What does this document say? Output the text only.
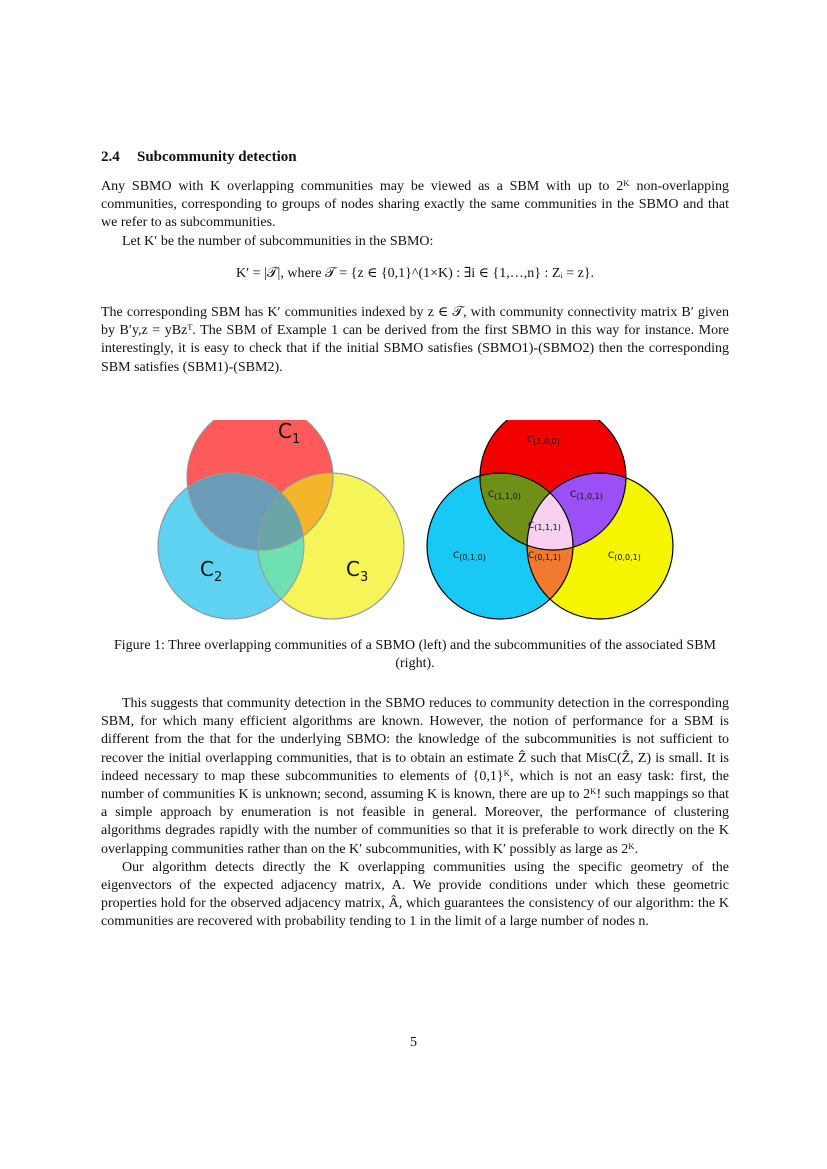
2.4 Subcommunity detection

Any SBMO with K overlapping communities may be viewed as a SBM with up to 2ᴷ non-overlapping communities, corresponding to groups of nodes sharing exactly the same communities in the SBMO and that we refer to as subcommunities.

Let K′ be the number of subcommunities in the SBMO:

K′ = |𝒯|, where 𝒯 = {z ∈ {0,1}^(1×K) : ∃i ∈ {1,…,n} : Zᵢ = z}.
The corresponding SBM has K′ communities indexed by z ∈ 𝒯, with community connectivity matrix B′ given by B′y,z = yBzᵀ. The SBM of Example 1 can be derived from the first SBMO in this way for instance. More interestingly, it is easy to check that if the initial SBMO satisfies (SBMO1)-(SBMO2) then the corresponding SBM satisfies (SBM1)-(SBM2).
$C_1$
$C_2$	$C_3$
C(1,0,0)
C(1,1,0)	C(1,0,1)
C(1,1,1)
C(0,1,0)	C(0,1,1)	C(0,0,1)
Figure 1: Three overlapping communities of a SBMO (left) and the subcommunities of the associated SBM (right).

This suggests that community detection in the SBMO reduces to community detection in the corresponding SBM, for which many efficient algorithms are known. However, the notion of performance for a SBM is different from the that for the underlying SBMO: the knowledge of the subcommunities is not sufficient to recover the initial overlapping communities, that is to obtain an estimate Ẑ such that MisC(Ẑ, Z) is small. It is indeed necessary to map these subcommunities to elements of {0,1}ᴷ, which is not an easy task: first, the number of communities K is unknown; second, assuming K is known, there are up to 2ᴷ! such mappings so that a simple approach by enumeration is not feasible in general. Moreover, the performance of clustering algorithms degrades rapidly with the number of communities so that it is preferable to work directly on the K overlapping communities rather than on the K′ subcommunities, with K′ possibly as large as 2ᴷ.

Our algorithm detects directly the K overlapping communities using the specific geometry of the eigenvectors of the expected adjacency matrix, A. We provide conditions under which these geometric properties hold for the observed adjacency matrix, Â, which guarantees the consistency of our algorithm: the K communities are recovered with probability tending to 1 in the limit of a large number of nodes n.

5
